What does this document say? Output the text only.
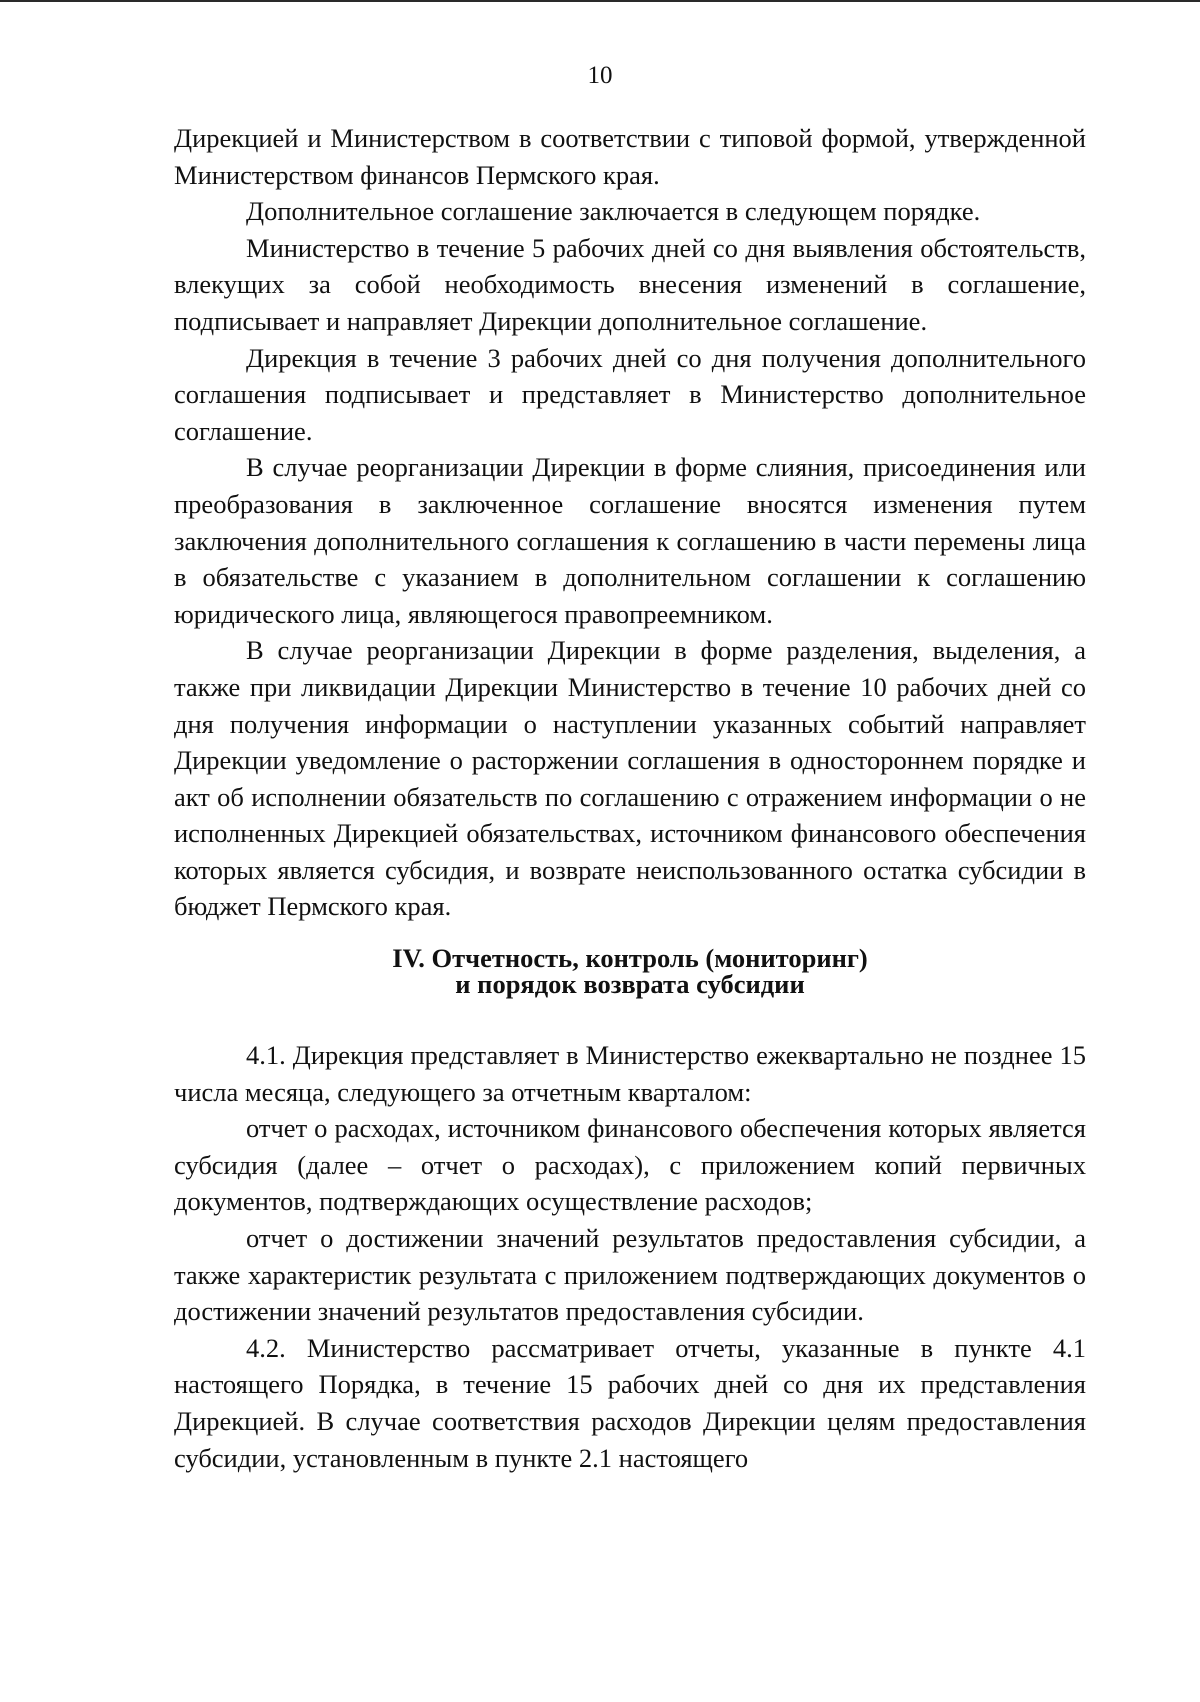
10

Дирекцией и Министерством в соответствии с типовой формой, утвержденной Министерством финансов Пермского края.

Дополнительное соглашение заключается в следующем порядке.

Министерство в течение 5 рабочих дней со дня выявления обстоятельств, влекущих за собой необходимость внесения изменений в соглашение, подписывает и направляет Дирекции дополнительное соглашение.

Дирекция в течение 3 рабочих дней со дня получения дополнительного соглашения подписывает и представляет в Министерство дополнительное соглашение.

В случае реорганизации Дирекции в форме слияния, присоединения или преобразования в заключенное соглашение вносятся изменения путем заключения дополнительного соглашения к соглашению в части перемены лица в обязательстве с указанием в дополнительном соглашении к соглашению юридического лица, являющегося правопреемником.

В случае реорганизации Дирекции в форме разделения, выделения, а также при ликвидации Дирекции Министерство в течение 10 рабочих дней со дня получения информации о наступлении указанных событий направляет Дирекции уведомление о расторжении соглашения в одностороннем порядке и акт об исполнении обязательств по соглашению с отражением информации о не исполненных Дирекцией обязательствах, источником финансового обеспечения которых является субсидия, и возврате неиспользованного остатка субсидии в бюджет Пермского края.

IV. Отчетность, контроль (мониторинг)
и порядок возврата субсидии

4.1. Дирекция представляет в Министерство ежеквартально не позднее 15 числа месяца, следующего за отчетным кварталом:

отчет о расходах, источником финансового обеспечения которых является субсидия (далее – отчет о расходах), с приложением копий первичных документов, подтверждающих осуществление расходов;

отчет о достижении значений результатов предоставления субсидии, а также характеристик результата с приложением подтверждающих документов о достижении значений результатов предоставления субсидии.

4.2. Министерство рассматривает отчеты, указанные в пункте 4.1 настоящего Порядка, в течение 15 рабочих дней со дня их представления Дирекцией. В случае соответствия расходов Дирекции целям предоставления субсидии, установленным в пункте 2.1 настоящего
